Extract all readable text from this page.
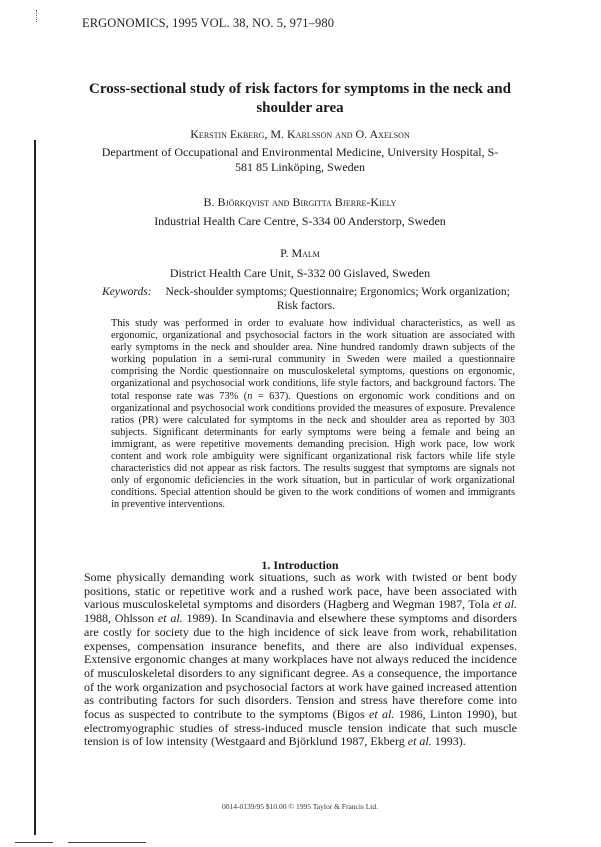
ERGONOMICS, 1995 VOL. 38, NO. 5, 971–980
Cross-sectional study of risk factors for symptoms in the neck and shoulder area
Kerstin Ekberg, M. Karlsson and O. Axelson
Department of Occupational and Environmental Medicine, University Hospital, S-581 85 Linköping, Sweden
B. Björkqvist and Birgitta Bjerre-Kiely
Industrial Health Care Centre, S-334 00 Anderstorp, Sweden
P. Malm
District Health Care Unit, S-332 00 Gislaved, Sweden
Keywords: Neck-shoulder symptoms; Questionnaire; Ergonomics; Work organization; Risk factors.

This study was performed in order to evaluate how individual characteristics, as well as ergonomic, organizational and psychosocial factors in the work situation are associated with early symptoms in the neck and shoulder area. Nine hundred randomly drawn subjects of the working population in a semi-rural community in Sweden were mailed a questionnaire comprising the Nordic questionnaire on musculoskeletal symptoms, questions on ergonomic, organizational and psychosocial work conditions, life style factors, and background factors. The total response rate was 73% (n = 637). Questions on ergonomic work conditions and on organizational and psychosocial work conditions provided the measures of exposure. Prevalence ratios (PR) were calculated for symptoms in the neck and shoulder area as reported by 303 subjects. Significant determinants for early symptoms were being a female and being an immigrant, as were repetitive movements demanding precision. High work pace, low work content and work role ambiguity were significant organizational risk factors while life style characteristics did not appear as risk factors. The results suggest that symptoms are signals not only of ergonomic deficiencies in the work situation, but in particular of work organizational conditions. Special attention should be given to the work conditions of women and immigrants in preventive interventions.

1. Introduction

Some physically demanding work situations, such as work with twisted or bent body positions, static or repetitive work and a rushed work pace, have been associated with various musculoskeletal symptoms and disorders (Hagberg and Wegman 1987, Tola et al. 1988, Ohlsson et al. 1989). In Scandinavia and elsewhere these symptoms and disorders are costly for society due to the high incidence of sick leave from work, rehabilitation expenses, compensation insurance benefits, and there are also individual expenses. Extensive ergonomic changes at many workplaces have not always reduced the incidence of musculoskeletal disorders to any significant degree. As a consequence, the importance of the work organization and psychosocial factors at work have gained increased attention as contributing factors for such disorders. Tension and stress have therefore come into focus as suspected to contribute to the symptoms (Bigos et al. 1986, Linton 1990), but electromyographic studies of stress-induced muscle tension indicate that such muscle tension is of low intensity (Westgaard and Björklund 1987, Ekberg et al. 1993).

0014-0139/95 $10.00 © 1995 Taylor & Francis Ltd.
